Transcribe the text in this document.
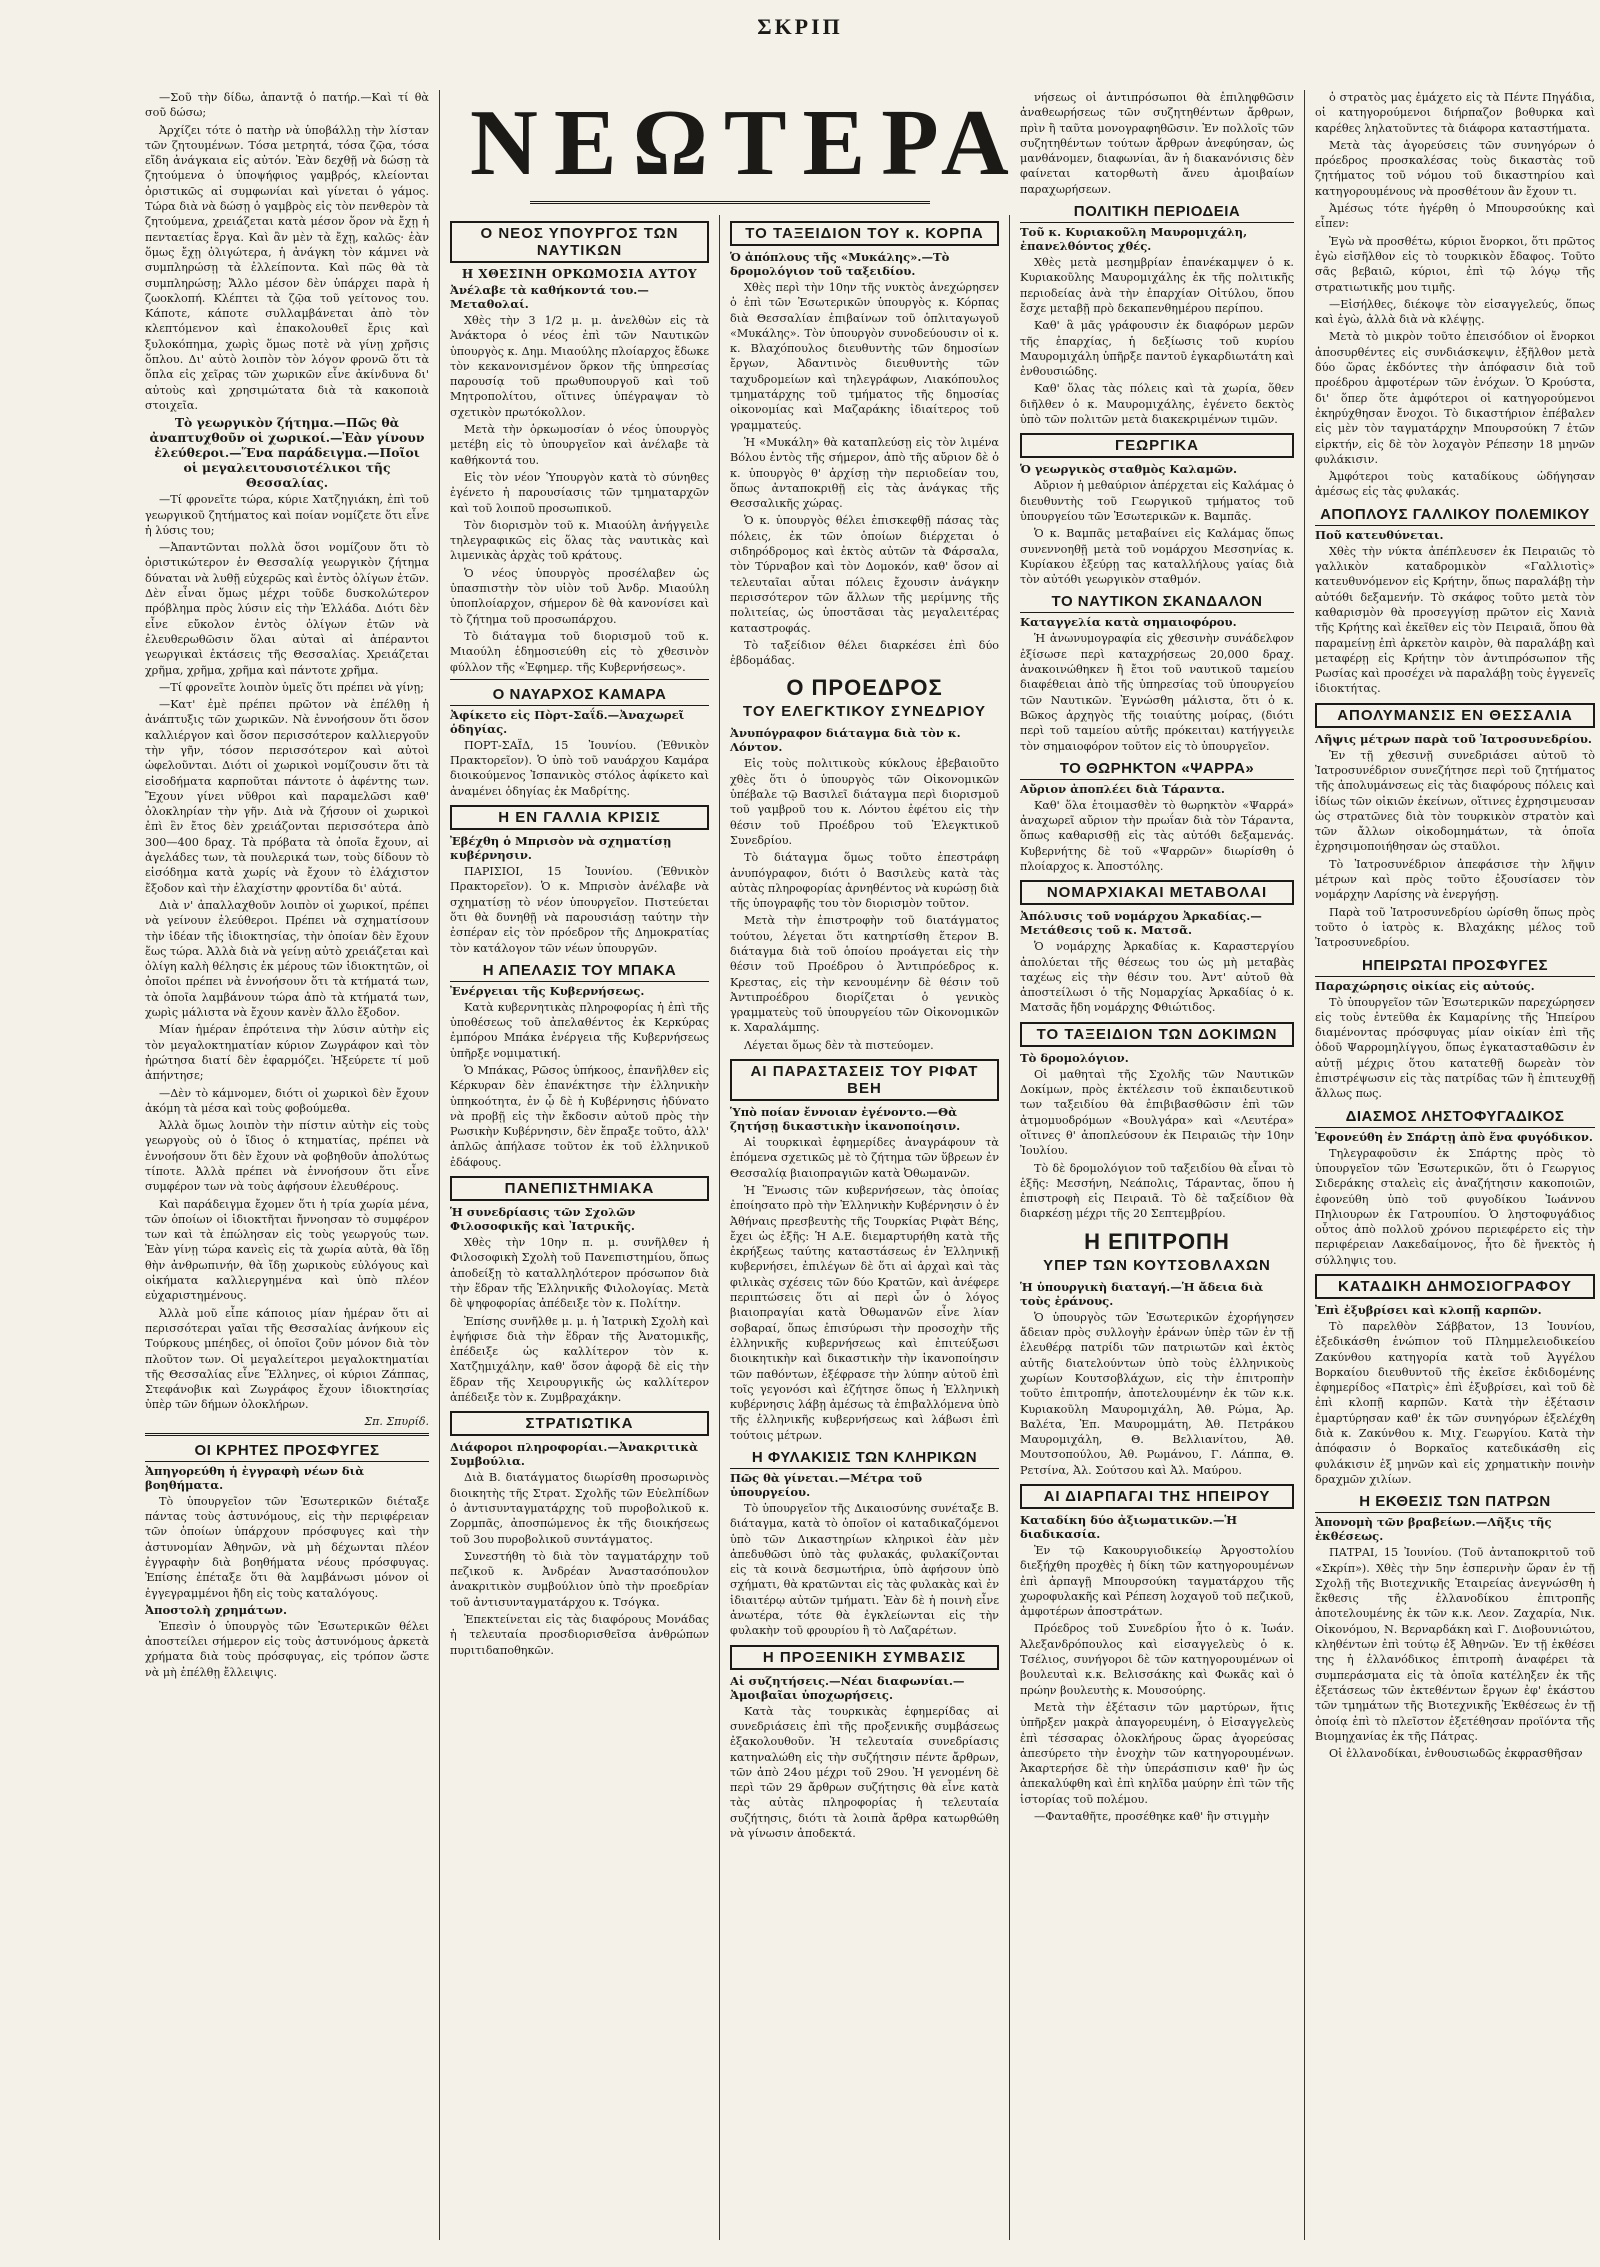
ΣΚΡΙΠ
ΝΕΩΤΕΡΑ

—Σοῦ τὴν δίδω, ἀπαντᾷ ὁ πατήρ.—Καὶ τί θὰ σοῦ δώσω;

Ἀρχίζει τότε ὁ πατὴρ νὰ ὑποβάλλῃ τὴν λίσταν τῶν ζητουμένων. Τόσα μετρητά, τόσα ζῷα, τόσα εἴδη ἀνάγκαια εἰς αὐτόν. Ἐὰν δεχθῇ νὰ δώσῃ τὰ ζητούμενα ὁ ὑποψήφιος γαμβρός, κλείονται ὁριστικῶς αἱ συμφωνίαι καὶ γίνεται ὁ γάμος. Τώρα διὰ νὰ δώσῃ ὁ γαμβρὸς εἰς τὸν πενθερὸν τὰ ζητούμενα, χρειάζεται κατὰ μέσον ὅρον νὰ ἔχῃ ἡ πενταετίας ἔργα. Καὶ ἂν μὲν τὰ ἔχῃ, καλῶς· ἐὰν ὅμως ἔχῃ ὀλιγώτερα, ἡ ἀνάγκη τὸν κάμνει νὰ συμπληρώσῃ τὰ ἐλλείποντα. Καὶ πῶς θὰ τὰ συμπληρώσῃ; Ἄλλο μέσον δὲν ὑπάρχει παρὰ ἡ ζωοκλοπή. Κλέπτει τὰ ζῷα τοῦ γείτονος του. Κάποτε, κάποτε συλλαμβάνεται ἀπὸ τὸν κλεπτόμενον καὶ ἐπακολουθεῖ ἔρις καὶ ξυλοκόπημα, χωρὶς ὅμως ποτὲ νὰ γίνῃ χρῆσις ὅπλου. Δι' αὐτὸ λοιπὸν τὸν λόγον φρονῶ ὅτι τὰ ὅπλα εἰς χεῖρας τῶν χωρικῶν εἶνε ἀκίνδυνα δι' αὐτοὺς καὶ χρησιμώτατα διὰ τὰ κακοποιὰ στοιχεῖα.

Τὸ γεωργικὸν ζήτημα.—Πῶς θὰ ἀναπτυχθοῦν οἱ χωρικοί.—Ἐὰν γίνουν ἐλεύθεροι.—Ἕνα παράδειγμα.—Ποῖοι οἱ μεγαλειτουσιοτέλικοι τῆς Θεσσαλίας.

—Τί φρονεῖτε τώρα, κύριε Χατζηγιάκη, ἐπὶ τοῦ γεωργικοῦ ζητήματος καὶ ποίαν νομίζετε ὅτι εἶνε ἡ λύσις του;

—Ἀπαντῶνται πολλὰ ὅσοι νομίζουν ὅτι τὸ ὀριστικώτερον ἐν Θεσσαλίᾳ γεωργικὸν ζήτημα δύναται νὰ λυθῇ εὐχερῶς καὶ ἐντὸς ὀλίγων ἐτῶν. Δὲν εἶναι ὅμως μέχρι τοῦδε δυσκολώτερον πρόβλημα πρὸς λύσιν εἰς τὴν Ἑλλάδα. Διότι δὲν εἶνε εὔκολον ἐντὸς ὀλίγων ἐτῶν νὰ ἐλευθερωθῶσιν ὅλαι αὐταὶ αἱ ἀπέραντοι γεωργικαὶ ἐκτάσεις τῆς Θεσσαλίας. Χρειάζεται χρῆμα, χρῆμα, χρῆμα καὶ πάντοτε χρῆμα.

—Τί φρονεῖτε λοιπὸν ὑμεῖς ὅτι πρέπει νὰ γίνῃ;

—Κατ' ἐμὲ πρέπει πρῶτον νὰ ἐπέλθῃ ἡ ἀνάπτυξις τῶν χωρικῶν. Νὰ ἐννοήσουν ὅτι ὅσον καλλιέργον καὶ ὅσον περισσότερον καλλιεργοῦν τὴν γῆν, τόσον περισσότερον καὶ αὐτοὶ ὠφελοῦνται. Διότι οἱ χωρικοὶ νομίζουσιν ὅτι τὰ εἰσοδήματα καρποῦται πάντοτε ὁ ἀφέντης των. Ἔχουν γίνει νῦθροι καὶ παραμελῶσι καθ' ὁλοκληρίαν τὴν γῆν. Διὰ νὰ ζήσουν οἱ χωρικοὶ ἐπὶ ἓν ἔτος δὲν χρειάζονται περισσότερα ἀπὸ 300—400 δραχ. Τὰ πρόβατα τὰ ὁποῖα ἔχουν, αἱ ἀγελάδες των, τὰ πουλερικά των, τοὺς δίδουν τὸ εἰσόδημα κατὰ χωρίς νὰ ἔχουν τὸ ἐλάχιστον ἔξοδον καὶ τὴν ἐλαχίστην φροντίδα δι' αὐτά.

Διὰ ν' ἀπαλλαχθοῦν λοιπὸν οἱ χωρικοί, πρέπει νὰ γείνουν ἐλεύθεροι. Πρέπει νὰ σχηματίσουν τὴν ἰδέαν τῆς ἰδιοκτησίας, τὴν ὁποίαν δὲν ἔχουν ἕως τώρα. Ἀλλὰ διὰ νὰ γείνῃ αὐτὸ χρειάζεται καὶ ὀλίγη καλὴ θέλησις ἐκ μέρους τῶν ἰδιοκτητῶν, οἱ ὁποῖοι πρέπει νὰ ἐννοήσουν ὅτι τὰ κτήματά των, τὰ ὁποῖα λαμβάνουν τώρα ἀπὸ τὰ κτήματά των, χωρὶς μάλιστα νὰ ἔχουν κανὲν ἄλλο ἔξοδον.

Μίαν ἡμέραν ἐπρότεινα τὴν λύσιν αὐτὴν εἰς τὸν μεγαλοκτηματίαν κύριον Ζωγράφον καὶ τὸν ἠρώτησα διατί δὲν ἐφαρμόζει. Ἠξεύρετε τί μοῦ ἀπήντησε;

—Δὲν τὸ κάμνομεν, διότι οἱ χωρικοὶ δὲν ἔχουν ἀκόμη τὰ μέσα καὶ τοὺς φοβούμεθα.

Ἀλλὰ ὅμως λοιπὸν τὴν πίστιν αὐτὴν εἰς τοὺς γεωργοὺς οὐ ὁ ἴδιος ὁ κτηματίας, πρέπει νὰ ἐννοήσουν ὅτι δὲν ἔχουν νὰ φοβηθοῦν ἀπολύτως τίποτε. Ἀλλὰ πρέπει νὰ ἐννοήσουν ὅτι εἶνε συμφέρον των νὰ τοὺς ἀφήσουν ἐλευθέρους.

Καὶ παράδειγμα ἔχομεν ὅτι ἡ τρία χωρία μένα, τῶν ὁποίων οἱ ἰδιοκτῆται ἤννοησαν τὸ συμφέρον των καὶ τὰ ἐπώλησαν εἰς τοὺς γεωργούς των. Ἐὰν γίνῃ τώρα κανεὶς εἰς τὰ χωρία αὐτὰ, θὰ ἴδῃ θὴν ἀνθρωπινήν, θὰ ἴδῃ χωρικοὺς εὐλόγους καὶ οἰκήματα καλλιεργημένα καὶ ὑπὸ πλέον εὐχαριστημένους.

Ἀλλὰ μοῦ εἶπε κάποιος μίαν ἡμέραν ὅτι αἱ περισσότεραι γαῖαι τῆς Θεσσαλίας ἀνήκουν εἰς Τούρκους μπέηδες, οἱ ὁποῖοι ζοῦν μόνον διὰ τὸν πλοῦτον των. Οἱ μεγαλείτεροι μεγαλοκτηματίαι τῆς Θεσσαλίας εἶνε Ἕλληνες, οἱ κύριοι Ζάππας, Στεφάνοβικ καὶ Ζωγράφος ἔχουν ἰδιοκτησίας ὑπὲρ τῶν δήμων ὁλοκλήρων.

Σπ. Σπυρίδ.
ΟΙ ΚΡΗΤΕΣ ΠΡΟΣΦΥΓΕΣ
Ἀπηγορεύθη ἡ ἐγγραφὴ νέων διὰ βοηθήματα.

Τὸ ὑπουργεῖον τῶν Ἐσωτερικῶν διέταξε πάντας τοὺς ἀστυνόμους, εἰς τὴν περιφέρειαν τῶν ὁποίων ὑπάρχουν πρόσφυγες καὶ τὴν ἀστυνομίαν Ἀθηνῶν, νὰ μὴ δέχωνται πλέον ἐγγραφὴν διὰ βοηθήματα νέους πρόσφυγας. Ἐπίσης ἐπέταξε ὅτι θὰ λαμβάνωσι μόνον οἱ ἐγγεγραμμένοι ἤδη εἰς τοὺς καταλόγους.

Ἀποστολὴ χρημάτων.

Ἐπεσὶν ὁ ὑπουργὸς τῶν Ἐσωτερικῶν θέλει ἀποστείλει σήμερον εἰς τοὺς ἀστυνόμους ἀρκετὰ χρήματα διὰ τοὺς πρόσφυγας, εἰς τρόπον ὥστε νὰ μὴ ἐπέλθῃ ἔλλειψις.

Ο ΝΕΟΣ ΥΠΟΥΡΓΟΣ ΤΩΝ ΝΑΥΤΙΚΩΝ
Η ΧΘΕΣΙΝΗ ΟΡΚΩΜΟΣΙΑ ΑΥΤΟΥ
Ἀνέλαβε τὰ καθήκοντά του.—Μεταθολαί.

Χθὲς τὴν 3 1/2 μ. μ. ἀνελθὼν εἰς τὰ Ἀνάκτορα ὁ νέος ἐπὶ τῶν Ναυτικῶν ὑπουργὸς κ. Δημ. Μιαούλης πλοίαρχος ἔδωκε τὸν κεκανονισμένον ὅρκον τῆς ὑπηρεσίας παρουσίᾳ τοῦ πρωθυπουργοῦ καὶ τοῦ Μητροπολίτου, οἵτινες ὑπέγραψαν τὸ σχετικὸν πρωτόκολλον.

Μετὰ τὴν ὁρκωμοσίαν ὁ νέος ὑπουργὸς μετέβη εἰς τὸ ὑπουργεῖον καὶ ἀνέλαβε τὰ καθήκοντά του.

Εἰς τὸν νέον Ὑπουργὸν κατὰ τὸ σύνηθες ἐγένετο ἡ παρουσίασις τῶν τμηματαρχῶν καὶ τοῦ λοιποῦ προσωπικοῦ.

Τὸν διορισμὸν τοῦ κ. Μιαούλη ἀνήγγειλε τηλεγραφικῶς εἰς ὅλας τὰς ναυτικὰς καὶ λιμενικὰς ἀρχὰς τοῦ κράτους.

Ὁ νέος ὑπουργὸς προσέλαβεν ὡς ὑπασπιστὴν τὸν υἱὸν τοῦ Ἀνδρ. Μιαούλη ὑποπλοίαρχον, σήμερον δὲ θὰ κανονίσει καὶ τὸ ζήτημα τοῦ προσωπάρχου.

Τὸ διάταγμα τοῦ διορισμοῦ τοῦ κ. Μιαούλη ἐδημοσιεύθη εἰς τὸ χθεσινὸν φύλλον τῆς «Ἐφημερ. τῆς Κυβερνήσεως».

Ο ΝΑΥΑΡΧΟΣ ΚΑΜΑΡΑ
Ἀφίκετο εἰς Πὸρτ-Σαΐδ.—Ἀναχωρεῖ ὁδηγίας.

ΠΟΡΤ-ΣΑΪΔ, 15 Ἰουνίου. (Ἐθνικὸν Πρακτορεῖον). Ὁ ὑπὸ τοῦ ναυάρχου Καμάρα διοικούμενος Ἰσπανικὸς στόλος ἀφίκετο καὶ ἀναμένει ὁδηγίας ἐκ Μαδρίτης.

Η ΕΝ ΓΑΛΛΙΑ ΚΡΙΣΙΣ
Ἐβέχθη ὁ Μπρισὸν νὰ σχηματίσῃ κυβέρνησιν.

ΠΑΡΙΣΙΟΙ, 15 Ἰουνίου. (Ἐθνικὸν Πρακτορεῖον). Ὁ κ. Μπρισὸν ἀνέλαβε νὰ σχηματίσῃ τὸ νέον ὑπουργεῖον. Πιστεύεται ὅτι θὰ δυνηθῇ νὰ παρουσιάσῃ ταύτην τὴν ἐσπέραν εἰς τὸν πρόεδρον τῆς Δημοκρατίας τὸν κατάλογον τῶν νέων ὑπουργῶν.

Η ΑΠΕΛΑΣΙΣ ΤΟΥ ΜΠΑΚΑ
Ἐνέργειαι τῆς Κυβερνήσεως.

Κατὰ κυβερνητικὰς πληροφορίας ἡ ἐπὶ τῆς ὑποθέσεως τοῦ ἀπελαθέντος ἐκ Κερκύρας ἐμπόρου Μπάκα ἐνέργεια τῆς Κυβερνήσεως ὑπῆρξε νομιματική.

Ὁ Μπάκας, Ρῶσος ὑπήκοος, ἐπανῆλθεν εἰς Κέρκυραν δὲν ἐπανέκτησε τὴν ἑλληνικὴν ὑπηκοότητα, ἐν ᾧ δὲ ἡ Κυβέρνησις ἠδύνατο νὰ προβῇ εἰς τὴν ἔκδοσιν αὐτοῦ πρὸς τὴν Ρωσικὴν Κυβέρνησιν, δὲν ἔπραξε τοῦτο, ἀλλ' ἁπλῶς ἀπήλασε τοῦτον ἐκ τοῦ ἑλληνικοῦ ἐδάφους.

ΠΑΝΕΠΙΣΤΗΜΙΑΚΑ
Ἡ συνεδρίασις τῶν Σχολῶν Φιλοσοφικῆς καὶ Ἰατρικῆς.

Χθὲς τὴν 10ην π. μ. συνῆλθεν ἡ Φιλοσοφικὴ Σχολὴ τοῦ Πανεπιστημίου, ὅπως ἀποδείξῃ τὸ καταλληλότερον πρόσωπον διὰ τὴν ἕδραν τῆς Ἑλληνικῆς Φιλολογίας. Μετὰ δὲ ψηφοφορίας ἀπέδειξε τὸν κ. Πολίτην.

Ἐπίσης συνῆλθε μ. μ. ἡ Ἰατρικὴ Σχολὴ καὶ ἐψήφισε διὰ τὴν ἕδραν τῆς Ἀνατομικῆς, ἐπέδειξε ὡς καλλίτερον τὸν κ. Χατζημιχάλην, καθ' ὅσον ἀφορᾷ δὲ εἰς τὴν ἕδραν τῆς Χειρουργικῆς ὡς καλλίτερον ἀπέδειξε τὸν κ. Ζυμβραχάκην.

ΣΤΡΑΤΙΩΤΙΚΑ
Διάφοροι πληροφορίαι.—Ἀνακριτικὰ Συμβούλια.

Διὰ Β. διατάγματος διωρίσθη προσωρινὸς διοικητὴς τῆς Στρατ. Σχολῆς τῶν Εὐελπίδων ὁ ἀντισυνταγματάρχης τοῦ πυροβολικοῦ κ. Ζορμπᾶς, ἀποσπώμενος ἐκ τῆς διοικήσεως τοῦ 3ου πυροβολικοῦ συντάγματος.

Συνεστήθη τὸ διὰ τὸν ταγματάρχην τοῦ πεζικοῦ κ. Ἀνδρέαν Ἀναστασόπουλον ἀνακριτικὸν συμβούλιον ὑπὸ τὴν προεδρίαν τοῦ ἀντισυνταγματάρχου κ. Τσόγκα.

Ἐπεκτείνεται εἰς τὰς διαφόρους Μονάδας ἡ τελευταία προσδιορισθεῖσα ἀνθρώπων πυριτιδαποθηκῶν.

ΤΟ ΤΑΞΕΙΔΙΟΝ ΤΟΥ κ. ΚΟΡΠΑ
Ὁ ἀπόπλους τῆς «Μυκάλης».—Τὸ δρομολόγιον τοῦ ταξειδίου.

Χθὲς περὶ τὴν 10ην τῆς νυκτὸς ἀνεχώρησεν ὁ ἐπὶ τῶν Ἐσωτερικῶν ὑπουργὸς κ. Κόρπας διὰ Θεσσαλίαν ἐπιβαίνων τοῦ ὁπλιταγωγοῦ «Μυκάλης». Τὸν ὑπουργὸν συνοδεύουσιν οἱ κ. κ. Βλαχόπουλος διευθυντὴς τῶν δημοσίων ἔργων, Ἀδαντινὸς διευθυντὴς τῶν ταχυδρομείων καὶ τηλεγράφων, Λιακόπουλος τμηματάρχης τοῦ τμήματος τῆς δημοσίας οἰκονομίας καὶ Μαζαράκης ἰδιαίτερος τοῦ γραμματεύς.

Ἡ «Μυκάλη» θὰ καταπλεύσῃ εἰς τὸν λιμένα Βόλου ἐντὸς τῆς σήμερον, ἀπὸ τῆς αὔριον δὲ ὁ κ. ὑπουργὸς θ' ἀρχίσῃ τὴν περιοδείαν του, ὅπως ἀνταποκριθῇ εἰς τὰς ἀνάγκας τῆς Θεσσαλικῆς χώρας.

Ὁ κ. ὑπουργὸς θέλει ἐπισκεφθῇ πάσας τὰς πόλεις, ἐκ τῶν ὁποίων διέρχεται ὁ σιδηρόδρομος καὶ ἐκτὸς αὐτῶν τὰ Φάρσαλα, τὸν Τύρναβον καὶ τὸν Δομοκόν, καθ' ὅσον αἱ τελευταῖαι αὗται πόλεις ἔχουσιν ἀνάγκην περισσότερον τῶν ἄλλων τῆς μερίμνης τῆς πολιτείας, ὡς ὑποστᾶσαι τὰς μεγαλειτέρας καταστροφάς.

Τὸ ταξείδιον θέλει διαρκέσει ἐπὶ δύο ἑβδομάδας.

Ο ΠΡΟΕΔΡΟΣ
ΤΟΥ ΕΛΕΓΚΤΙΚΟΥ ΣΥΝΕΔΡΙΟΥ
Ἀνυπόγραφον διάταγμα διὰ τὸν κ. Λόντον.

Εἰς τοὺς πολιτικοὺς κύκλους ἐβεβαιοῦτο χθὲς ὅτι ὁ ὑπουργὸς τῶν Οἰκονομικῶν ὑπέβαλε τῷ Βασιλεῖ διάταγμα περὶ διορισμοῦ τοῦ γαμβροῦ του κ. Λόντου ἐφέτου εἰς τὴν θέσιν τοῦ Προέδρου τοῦ Ἐλεγκτικοῦ Συνεδρίου.

Τὸ διάταγμα ὅμως τοῦτο ἐπεστράφη ἀνυπόγραφον, διότι ὁ Βασιλεὺς κατὰ τὰς αὐτὰς πληροφορίας ἀρνηθέντος νὰ κυρώσῃ διὰ τῆς ὑπογραφῆς του τὸν διορισμὸν τοῦτον.

Μετὰ τὴν ἐπιστροφὴν τοῦ διατάγματος τούτου, λέγεται ὅτι κατηρτίσθη ἕτερον Β. διάταγμα διὰ τοῦ ὁποίου προάγεται εἰς τὴν θέσιν τοῦ Προέδρου ὁ Ἀντιπρόεδρος κ. Κρεστας, εἰς τὴν κενουμένην δὲ θέσιν τοῦ Ἀντιπροέδρου διορίζεται ὁ γενικὸς γραμματεὺς τοῦ ὑπουργείου τῶν Οἰκονομικῶν κ. Χαραλάμπης.

Λέγεται ὅμως δὲν τὰ πιστεύομεν.

ΑΙ ΠΑΡΑΣΤΑΣΕΙΣ ΤΟΥ ΡΙΦΑΤ ΒΕΗ
Ὑπὸ ποίαν ἔννοιαν ἐγένοντο.—Θὰ ζητήσῃ δικαστικὴν ἱκανοποίησιν.

Αἱ τουρκικαὶ ἐφημερίδες ἀναγράφουν τὰ ἐπόμενα σχετικῶς μὲ τὸ ζήτημα τῶν ὕβρεων ἐν Θεσσαλίᾳ βιαιοπραγιῶν κατὰ Ὀθωμανῶν.

Ἡ Ἕνωσις τῶν κυβερνήσεων, τὰς ὁποίας ἐποίησατο πρὸ τὴν Ἑλληνικὴν Κυβέρνησιν ὁ ἐν Ἀθήναις πρεσβευτὴς τῆς Τουρκίας Ριφὰτ Βέης, ἔχει ὡς ἑξῆς: Ἡ Α.Ε. διεμαρτυρήθη κατὰ τῆς ἐκρήξεως ταύτης καταστάσεως ἐν Ἑλληνικῇ κυβερνήσει, ἐπιλέγων δὲ ὅτι αἱ ἀρχαὶ καὶ τὰς φιλικὰς σχέσεις τῶν δύο Κρατῶν, καὶ ἀνέφερε περιπτώσεις ὅτι αἱ περὶ ὧν ὁ λόγος βιαιοπραγίαι κατὰ Ὀθωμανῶν εἶνε λίαν σοβαραί, ὅπως ἐπισύρωσι τὴν προσοχὴν τῆς ἑλληνικῆς κυβερνήσεως καὶ ἐπιτεύξωσι διοικητικὴν καὶ δικαστικὴν τὴν ἱκανοποίησιν τῶν παθόντων, ἐξέφρασε τὴν λύπην αὐτοῦ ἐπὶ τοῖς γεγονόσι καὶ ἐζήτησε ὅπως ἡ Ἑλληνικὴ κυβέρνησις λάβῃ ἀμέσως τὰ ἐπιβαλλόμενα ὑπὸ τῆς ἑλληνικῆς κυβερνήσεως καὶ λάβωσι ἐπὶ τούτοις μέτρων.

Η ΦΥΛΑΚΙΣΙΣ ΤΩΝ ΚΛΗΡΙΚΩΝ
Πῶς θὰ γίνεται.—Μέτρα τοῦ ὑπουργείου.

Τὸ ὑπουργεῖον τῆς Δικαιοσύνης συνέταξε Β. διάταγμα, κατὰ τὸ ὁποῖον οἱ καταδικαζόμενοι ὑπὸ τῶν Δικαστηρίων κληρικοὶ ἐὰν μὲν ἀπεδυθῶσι ὑπὸ τὰς φυλακάς, φυλακίζονται εἰς τὰ κοινὰ δεσμωτήρια, ὑπὸ ἀφήσουν ὑπὸ σχήματι, θὰ κρατῶνται εἰς τὰς φυλακὰς καὶ ἐν ἰδιαιτέρῳ αὐτῶν τμήματι. Ἐὰν δὲ ἡ ποινὴ εἶνε ἀνωτέρα, τότε θὰ ἐγκλείωνται εἰς τὴν φυλακὴν τοῦ φρουρίου ἢ τὸ Λαζαρέτων.

Η ΠΡΟΞΕΝΙΚΗ ΣΥΜΒΑΣΙΣ
Αἱ συζητήσεις.—Νέαι διαφωνίαι.—Ἀμοιβαῖαι ὑποχωρήσεις.

Κατὰ τὰς τουρκικὰς ἐφημερίδας αἱ συνεδριάσεις ἐπὶ τῆς προξενικῆς συμβάσεως ἐξακολουθοῦν. Ἡ τελευταία συνεδρίασις κατηναλώθη εἰς τὴν συζήτησιν πέντε ἄρθρων, τῶν ἀπὸ 24ου μέχρι τοῦ 29ου. Ἡ γενομένη δὲ περὶ τῶν 29 ἄρθρων συζήτησις θὰ εἶνε κατὰ τὰς αὐτὰς πληροφορίας ἡ τελευταία συζήτησις, διότι τὰ λοιπὰ ἄρθρα κατωρθώθη νὰ γίνωσιν ἀποδεκτά.

νήσεως οἱ ἀντιπρόσωποι θὰ ἐπιληφθῶσιν ἀναθεωρήσεως τῶν συζητηθέντων ἄρθρων, πρὶν ἢ ταῦτα μονογραφηθῶσιν. Ἐν πολλοῖς τῶν συζητηθέντων τούτων ἄρθρων ἀνεφύησαν, ὡς μανθάνομεν, διαφωνίαι, ἂν ἡ διακανόνισις δὲν φαίνεται κατορθωτὴ ἄνευ ἀμοιβαίων παραχωρήσεων.

ΠΟΛΙΤΙΚΗ ΠΕΡΙΟΔΕΙΑ
Τοῦ κ. Κυριακοῦλη Μαυρομιχάλη, ἐπανελθόντος χθές.

Χθὲς μετὰ μεσημβρίαν ἐπανέκαμψεν ὁ κ. Κυριακοῦλης Μαυρομιχάλης ἐκ τῆς πολιτικῆς περιοδείας ἀνὰ τὴν ἐπαρχίαν Οἰτύλου, ὅπου ἔσχε μεταβῇ πρὸ δεκαπενθημέρου περίπου.

Καθ' ἃ μᾶς γράφουσιν ἐκ διαφόρων μερῶν τῆς ἐπαρχίας, ἡ δεξίωσις τοῦ κυρίου Μαυρομιχάλη ὑπῆρξε παντοῦ ἐγκαρδιωτάτη καὶ ἐνθουσιώδης.

Καθ' ὅλας τὰς πόλεις καὶ τὰ χωρία, ὅθεν διῆλθεν ὁ κ. Μαυρομιχάλης, ἐγένετο δεκτὸς ὑπὸ τῶν πολιτῶν μετὰ διακεκριμένων τιμῶν.

ΓΕΩΡΓΙΚΑ
Ὁ γεωργικὸς σταθμὸς Καλαμῶν.

Αὔριον ἡ μεθαύριον ἀπέρχεται εἰς Καλάμας ὁ διευθυντὴς τοῦ Γεωργικοῦ τμήματος τοῦ ὑπουργείου τῶν Ἐσωτερικῶν κ. Βαμπᾶς.

Ὁ κ. Βαμπᾶς μεταβαίνει εἰς Καλάμας ὅπως συνεννοηθῇ μετὰ τοῦ νομάρχου Μεσσηνίας κ. Κυρίακου ἐξεύρῃ τας καταλλήλους γαίας διὰ τὸν αὐτόθι γεωργικὸν σταθμόν.

ΤΟ ΝΑΥΤΙΚΟΝ ΣΚΑΝΔΑΛΟΝ
Καταγγελία κατὰ σημαιοφόρου.

Ἡ ἀνωνυμογραφία εἰς χθεσινὴν συνάδελφον ἐξίσωσε περὶ καταχρήσεως 20,000 δραχ. ἀνακοινώθηκεν ἢ ἔτοι τοῦ ναυτικοῦ ταμείου διαφέθειαι ἀπὸ τῆς ὑπηρεσίας τοῦ ὑπουργείου τῶν Ναυτικῶν. Ἐγνώσθη μάλιστα, ὅτι ὁ κ. Βῶκος ἀρχηγὸς τῆς τοιαύτης μοίρας, (διότι περὶ τοῦ ταμείου αὐτῆς πρόκειται) κατήγγειλε τὸν σημαιοφόρον τοῦτον εἰς τὸ ὑπουργεῖον.

ΤΟ ΘΩΡΗΚΤΟΝ «ΨΑΡΡΑ»
Αὔριον ἀποπλέει διὰ Τάραντα.

Καθ' ὅλα ἑτοιμασθὲν τὸ θωρηκτὸν «Ψαρρά» ἀναχωρεῖ αὔριον τὴν πρωΐαν διὰ τὸν Τάραντα, ὅπως καθαρισθῇ εἰς τὰς αὐτόθι δεξαμενάς. Κυβερνήτης δὲ τοῦ «Ψαρρῶν» διωρίσθη ὁ πλοίαρχος κ. Ἀποστόλης.

ΝΟΜΑΡΧΙΑΚΑΙ ΜΕΤΑΒΟΛΑΙ
Ἀπόλυσις τοῦ νομάρχου Ἀρκαδίας.—Μετάθεσις τοῦ κ. Ματσᾶ.

Ὁ νομάρχης Ἀρκαδίας κ. Καραστεργίου ἀπολύεται τῆς θέσεως του ὡς μὴ μεταβὰς ταχέως εἰς τὴν θέσιν του. Ἀντ' αὐτοῦ θὰ ἀποστείλωσι ὁ τῆς Νομαρχίας Ἀρκαδίας ὁ κ. Ματσᾶς ἤδη νομάρχης Φθιώτιδος.

ΤΟ ΤΑΞΕΙΔΙΟΝ ΤΩΝ ΔΟΚΙΜΩΝ
Τὸ δρομολόγιον.

Οἱ μαθηταὶ τῆς Σχολῆς τῶν Ναυτικῶν Δοκίμων, πρὸς ἐκτέλεσιν τοῦ ἐκπαιδευτικοῦ των ταξειδίου θὰ ἐπιβιβασθῶσιν ἐπὶ τῶν ἀτμομυοδρόμων «Βουλγάρα» καὶ «Λευτέρα» οἵτινες θ' ἀποπλεύσουν ἐκ Πειραιῶς τὴν 10ην Ἰουλίου.

Τὸ δὲ δρομολόγιον τοῦ ταξειδίου θὰ εἶναι τὸ ἑξῆς: Μεσσήνη, Νεάπολις, Τάραντας, ὅπου ἡ ἐπιστροφὴ εἰς Πειραιᾶ. Τὸ δὲ ταξείδιον θὰ διαρκέσῃ μέχρι τῆς 20 Σεπτεμβρίου.

Η ΕΠΙΤΡΟΠΗ
ΥΠΕΡ ΤΩΝ ΚΟΥΤΣΟΒΛΑΧΩΝ
Ἡ ὑπουργικὴ διαταγή.—Ἡ ἄδεια διὰ τοὺς ἐράνους.

Ὁ ὑπουργὸς τῶν Ἐσωτερικῶν ἐχορήγησεν ἄδειαν πρὸς συλλογὴν ἐράνων ὑπὲρ τῶν ἐν τῇ ἐλευθέρᾳ πατρίδι τῶν πατριωτῶν καὶ ἐκτὸς αὐτῆς διατελούντων ὑπὸ τοὺς ἑλληνικοὺς χωρίων Κουτσοβλάχων, εἰς τὴν ἐπιτροπὴν τοῦτο ἐπιτροπήν, ἀποτελουμένην ἐκ τῶν κ.κ. Κυριακοῦλη Μαυρομιχάλη, Ἀθ. Ρώμα, Ἀρ. Βαλέτα, Ἐπ. Μαυρομμάτη, Ἀθ. Πετράκου Μαυρομιχάλη, Θ. Βελλιανίτου, Ἀθ. Μουτσοπούλου, Ἀθ. Ρωμάνου, Γ. Λάππα, Θ. Ρετσίνα, Ἀλ. Σούτσου καὶ Ἀλ. Μαύρου.

ΑΙ ΔΙΑΡΠΑΓΑΙ ΤΗΣ ΗΠΕΙΡΟΥ
Καταδίκη δύο ἀξιωματικῶν.—Ἡ διαδικασία.

Ἐν τῷ Κακουργιοδικείῳ Ἀργοστολίου διεξήχθη προχθὲς ἡ δίκη τῶν κατηγορουμένων ἐπὶ ἀρπαγῇ Μπουρσούκη ταγματάρχου τῆς χωροφυλακῆς καὶ Ρέπεση λοχαγοῦ τοῦ πεζικοῦ, ἀμφοτέρων ἀποστράτων.

Πρόεδρος τοῦ Συνεδρίου ἦτο ὁ κ. Ἰωάν. Ἀλεξανδρόπουλος καὶ εἰσαγγελεὺς ὁ κ. Τσέλιος, συνήγοροι δὲ τῶν κατηγορουμένων οἱ βουλευταὶ κ.κ. Βελισσάκης καὶ Φωκᾶς καὶ ὁ πρώην βουλευτὴς κ. Μουσούρης.

Μετὰ τὴν ἐξέτασιν τῶν μαρτύρων, ἥτις ὑπῆρξεν μακρὰ ἀπαγορευμένη, ὁ Εἰσαγγελεὺς ἐπὶ τέσσαρας ὁλοκλήρους ὥρας ἀγορεύσας ἀπεσύρετο τὴν ἐνοχὴν τῶν κατηγορουμένων. Ἀκαρτερήσε δὲ τὴν ὑπεράσπισιν καθ' ἣν ὡς ἀπεκαλύφθη καὶ ἐπὶ κηλῖδα μαύρην ἐπὶ τῶν τῆς ἱστορίας τοῦ πολέμου.

—Φανταθῆτε, προσέθηκε καθ' ἣν στιγμὴν

ὁ στρατὸς μας ἐμάχετο εἰς τὰ Πέντε Πηγάδια, οἱ κατηγορούμενοι διήρπαζον βοθυρκα καὶ καρέθες ληλατοῦντες τὰ διάφορα καταστήματα.

Μετὰ τὰς ἀγορεύσεις τῶν συνηγόρων ὁ πρόεδρος προσκαλέσας τοὺς δικαστὰς τοῦ ζητήματος τοῦ νόμου τοῦ δικαστηρίου καὶ κατηγορουμένους νὰ προσθέτουν ἂν ἔχουν τι.

Ἀμέσως τότε ἠγέρθη ὁ Μπουρσούκης καὶ εἶπεν:

Ἐγὼ νὰ προσθέτω, κύριοι ἔνορκοι, ὅτι πρῶτος ἐγὼ εἰσῆλθον εἰς τὸ τουρκικὸν ἔδαφος. Τοῦτο σᾶς βεβαιῶ, κύριοι, ἐπὶ τῷ λόγῳ τῆς στρατιωτικῆς μου τιμῆς.

—Εἰσήλθες, διέκοψε τὸν εἰσαγγελεύς, ὅπως καὶ ἐγὼ, ἀλλὰ διὰ νὰ κλέψῃς.

Μετὰ τὸ μικρὸν τοῦτο ἐπεισόδιον οἱ ἔνορκοι ἀποσυρθέντες εἰς συνδιάσκεψιν, ἐξῆλθον μετὰ δύο ὥρας ἐκδόντες τὴν ἀπόφασιν διὰ τοῦ προέδρου ἀμφοτέρων τῶν ἐνόχων. Ὁ Κρούστα, δι' ὅπερ ὅτε ἀμφότεροι οἱ κατηγορούμενοι ἐκηρύχθησαν ἔνοχοι. Τὸ δικαστήριον ἐπέβαλεν εἰς μὲν τὸν ταγματάρχην Μπουρσούκη 7 ἐτῶν εἱρκτήν, εἰς δὲ τὸν λοχαγὸν Ρέπεσην 18 μηνῶν φυλάκισιν.

Ἀμφότεροι τοὺς καταδίκους ὡδήγησαν ἀμέσως εἰς τὰς φυλακάς.

ΑΠΟΠΛΟΥΣ ΓΑΛΛΙΚΟΥ ΠΟΛΕΜΙΚΟΥ
Ποῦ κατευθύνεται.

Χθὲς τὴν νύκτα ἀπέπλευσεν ἐκ Πειραιῶς τὸ γαλλικὸν καταδρομικὸν «Γαλλιοτὶς» κατευθυνόμενον εἰς Κρήτην, ὅπως παραλάβῃ τὴν αὐτόθι δεξαμενήν. Τὸ σκάφος τοῦτο μετὰ τὸν καθαρισμὸν θὰ προσεγγίσῃ πρῶτον εἰς Χανιὰ τῆς Κρήτης καὶ ἐκεῖθεν εἰς τὸν Πειραιᾶ, ὅπου θὰ παραμείνῃ ἐπὶ ἀρκετὸν καιρὸν, θὰ παραλάβῃ καὶ μεταφέρῃ εἰς Κρήτην τὸν ἀντιπρόσωπον τῆς Ρωσίας καὶ προσέχει νὰ παραλάβῃ τοὺς ἐγγενεῖς ἰδιοκτήτας.

ΑΠΟΛΥΜΑΝΣΙΣ ΕΝ ΘΕΣΣΑΛΙΑ
Λῆψις μέτρων παρὰ τοῦ Ἰατροσυνεδρίου.

Ἐν τῇ χθεσινῇ συνεδριάσει αὐτοῦ τὸ Ἰατροσυνέδριον συνεζήτησε περὶ τοῦ ζητήματος τῆς ἀπολυμάνσεως εἰς τὰς διαφόρους πόλεις καὶ ἰδίως τῶν οἰκιῶν ἐκείνων, οἵτινες ἐχρησιμευσαν ὡς στρατῶνες διὰ τὸν τουρκικὸν στρατὸν καὶ τῶν ἄλλων οἰκοδομημάτων, τὰ ὁποῖα ἐχρησιμοποιήθησαν ὡς σταῦλοι.

Τὸ Ἰατροσυνέδριον ἀπεφάσισε τὴν λῆψιν μέτρων καὶ πρὸς τοῦτο ἐξουσίασεν τὸν νομάρχην Λαρίσης νὰ ἐνεργήσῃ.

Παρὰ τοῦ Ἰατροσυνεδρίου ὡρίσθη ὅπως πρὸς τοῦτο ὁ ἰατρὸς κ. Βλαχάκης μέλος τοῦ Ἰατροσυνεδρίου.

ΗΠΕΙΡΩΤΑΙ ΠΡΟΣΦΥΓΕΣ
Παραχώρησις οἰκίας εἰς αὐτούς.

Τὸ ὑπουργεῖον τῶν Ἐσωτερικῶν παρεχώρησεν εἰς τοὺς ἐντεῦθα ἐκ Καμαρίνης τῆς Ἠπείρου διαμένοντας πρόσφυγας μίαν οἰκίαν ἐπὶ τῆς ὁδοῦ Ψαρρομηλίγγου, ὅπως ἐγκατασταθῶσιν ἐν αὐτῇ μέχρις ὅτου κατατεθῇ δωρεὰν τὸν ἐπιστρέψωσιν εἰς τὰς πατρίδας τῶν ἢ ἐπιτευχθῇ ἄλλως πως.

ΔΙΑΣΜΟΣ ΛΗΣΤΟΦΥΓΑΔΙΚΟΣ
Ἐφονεύθη ἐν Σπάρτῃ ἀπὸ ἕνα φυγόδικον.

Τηλεγραφοῦσιν ἐκ Σπάρτης πρὸς τὸ ὑπουργεῖον τῶν Ἐσωτερικῶν, ὅτι ὁ Γεωργιος Σιδεράκης σταλεὶς εἰς ἀναζήτησιν κακοποιῶν, ἐφονεύθη ὑπὸ τοῦ φυγοδίκου Ἰωάννου Πηλιουρων ἐκ Γατρουπίου. Ὁ ληστοφυγάδιος οὗτος ἀπὸ πολλοῦ χρόνου περιεφέρετο εἰς τὴν περιφέρειαν Λακεδαίμονος, ἦτο δὲ ἤνεκτὸς ἡ σύλληψις του.

ΚΑΤΑΔΙΚΗ ΔΗΜΟΣΙΟΓΡΑΦΟΥ
Ἐπὶ ἐξυβρίσει καὶ κλοπῇ καρπῶν.

Τὸ παρελθὸν Σάββατον, 13 Ἰουνίου, ἐξεδικάσθη ἐνώπιον τοῦ Πλημμελειοδικείου Ζακύνθου κατηγορία κατὰ τοῦ Ἀγγέλου Βορκαίου διευθυντοῦ τῆς ἐκεῖσε ἐκδιδομένης ἐφημερίδος «Πατρὶς» ἐπὶ ἐξυβρίσει, καὶ τοῦ δὲ ἐπὶ κλοπῇ καρπῶν. Κατὰ τὴν ἐξέτασιν ἐμαρτύρησαν καθ' ἐκ τῶν συνηγόρων ἐξελέχθη διὰ κ. Ζακύνθου κ. Μιχ. Γεωργίου. Κατὰ τὴν ἀπόφασιν ὁ Βορκαῖος κατεδικάσθη εἰς φυλάκισιν ἐξ μηνῶν καὶ εἰς χρηματικὴν ποινὴν δραχμῶν χιλίων.

Η ΕΚΘΕΣΙΣ ΤΩΝ ΠΑΤΡΩΝ
Ἀπονομὴ τῶν βραβείων.—Λῆξις τῆς ἐκθέσεως.

ΠΑΤΡΑΙ, 15 Ἰουνίου. (Τοῦ ἀνταποκριτοῦ τοῦ «Σκρίπ»). Χθὲς τὴν 5ην ἑσπερινὴν ὥραν ἐν τῇ Σχολῇ τῆς Βιοτεχνικῆς Ἑταιρείας ἀνεγνώσθη ἡ ἔκθεσις τῆς ἑλλανοδίκου ἐπιτροπῆς ἀποτελουμένης ἐκ τῶν κ.κ. Λεον. Ζαχαρία, Νικ. Οἰκονόμου, Ν. Βερναρδάκη καὶ Γ. Διοβουνιώτου, κληθέντων ἐπὶ τούτῳ ἐξ Ἀθηνῶν. Ἐν τῇ ἐκθέσει της ἡ ἑλλανόδικος ἐπιτροπὴ ἀναφέρει τὰ συμπεράσματα εἰς τὰ ὁποῖα κατέληξεν ἐκ τῆς ἐξετάσεως τῶν ἐκτεθέντων ἔργων ἐφ' ἑκάστου τῶν τμημάτων τῆς Βιοτεχνικῆς Ἐκθέσεως ἐν τῇ ὁποίᾳ ἐπὶ τὸ πλεῖστον ἐξετέθησαν προϊόντα τῆς Βιομηχανίας ἐκ τῆς Πάτρας.

Οἱ ἑλλανοδίκαι, ἐνθουσιωδῶς ἐκφρασθῆσαν
